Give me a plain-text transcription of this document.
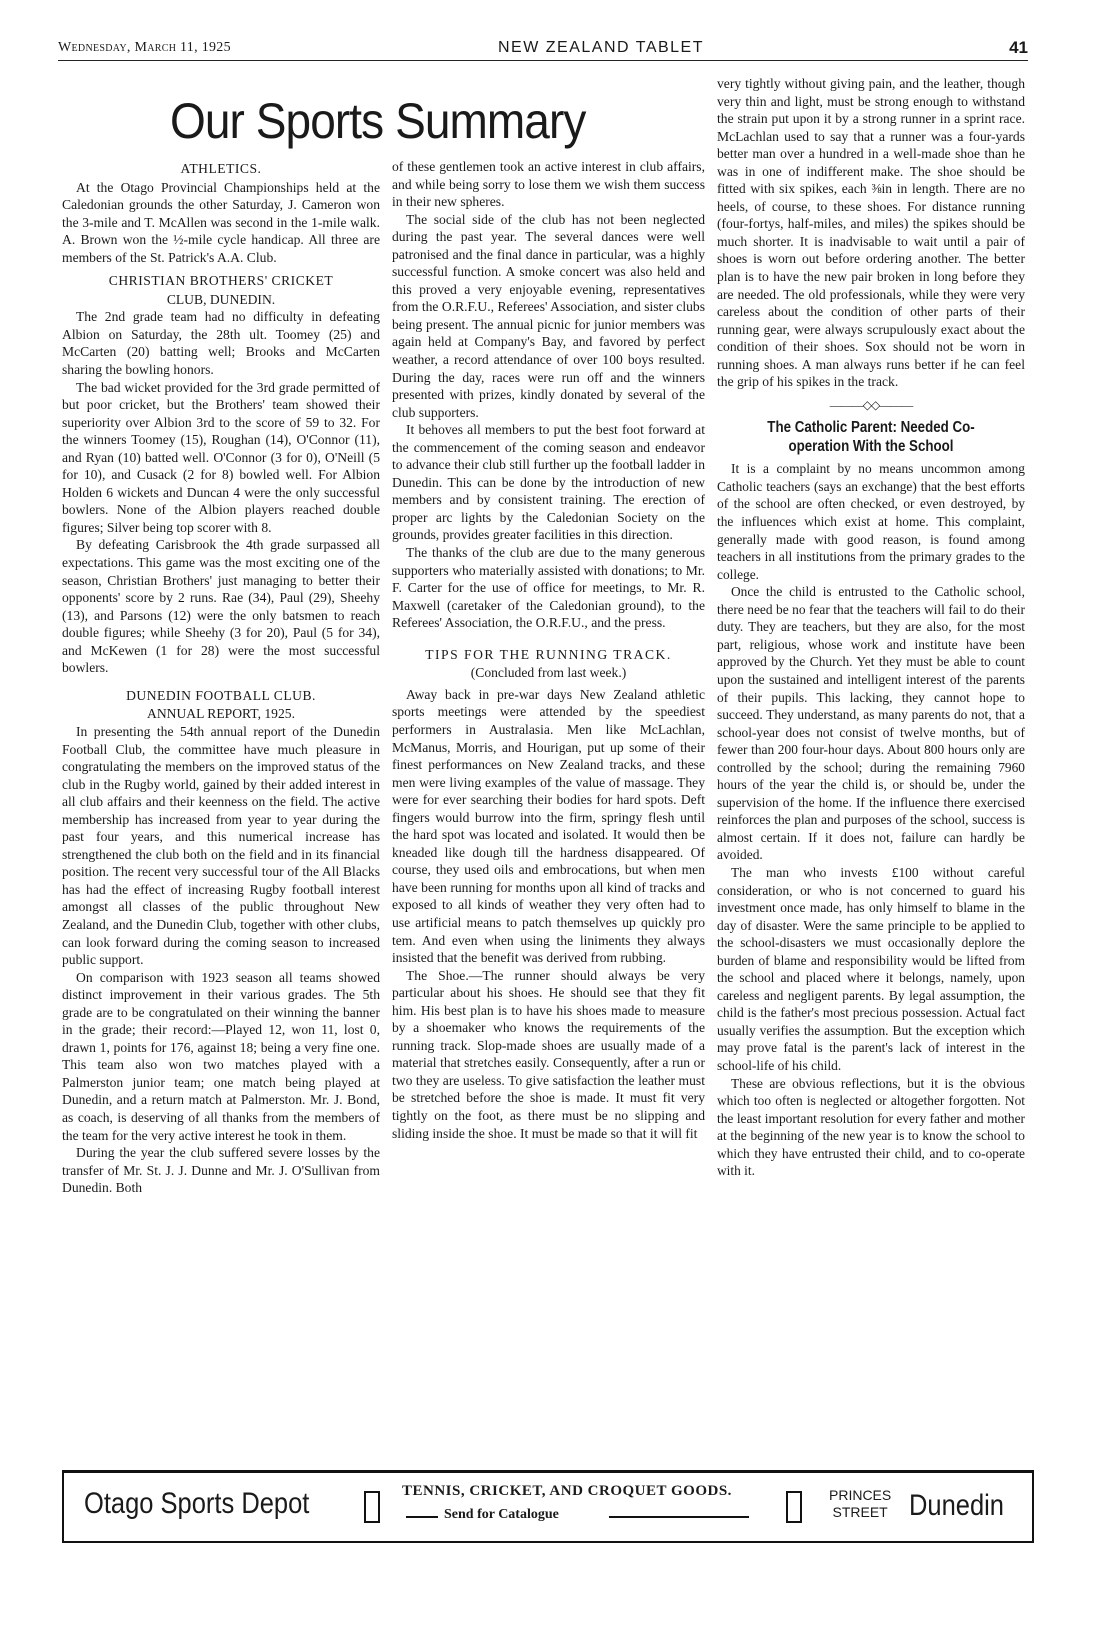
Wednesday, March 11, 1925	NEW ZEALAND TABLET	41
Our Sports Summary
ATHLETICS.

At the Otago Provincial Championships held at the Caledonian grounds the other Saturday, J. Cameron won the 3-mile and T. McAllen was second in the 1-mile walk. A. Brown won the ½-mile cycle handicap. All three are members of the St. Patrick's A.A. Club.

CHRISTIAN BROTHERS' CRICKET
CLUB, DUNEDIN.

The 2nd grade team had no difficulty in defeating Albion on Saturday, the 28th ult. Toomey (25) and McCarten (20) batting well; Brooks and McCarten sharing the bowling honors.

The bad wicket provided for the 3rd grade permitted of but poor cricket, but the Brothers' team showed their superiority over Albion 3rd to the score of 59 to 32. For the winners Toomey (15), Roughan (14), O'Connor (11), and Ryan (10) batted well. O'Connor (3 for 0), O'Neill (5 for 10), and Cusack (2 for 8) bowled well. For Albion Holden 6 wickets and Duncan 4 were the only successful bowlers. None of the Albion players reached double figures; Silver being top scorer with 8.

By defeating Carisbrook the 4th grade surpassed all expectations. This game was the most exciting one of the season, Christian Brothers' just managing to better their opponents' score by 2 runs. Rae (34), Paul (29), Sheehy (13), and Parsons (12) were the only batsmen to reach double figures; while Sheehy (3 for 20), Paul (5 for 34), and McKewen (1 for 28) were the most successful bowlers.

DUNEDIN FOOTBALL CLUB.
ANNUAL REPORT, 1925.

In presenting the 54th annual report of the Dunedin Football Club, the committee have much pleasure in congratulating the members on the improved status of the club in the Rugby world, gained by their added interest in all club affairs and their keenness on the field. The active membership has increased from year to year during the past four years, and this numerical increase has strengthened the club both on the field and in its financial position. The recent very successful tour of the All Blacks has had the effect of increasing Rugby football interest amongst all classes of the public throughout New Zealand, and the Dunedin Club, together with other clubs, can look forward during the coming season to increased public support.

On comparison with 1923 season all teams showed distinct improvement in their various grades. The 5th grade are to be congratulated on their winning the banner in the grade; their record:—Played 12, won 11, lost 0, drawn 1, points for 176, against 18; being a very fine one. This team also won two matches played with a Palmerston junior team; one match being played at Dunedin, and a return match at Palmerston. Mr. J. Bond, as coach, is deserving of all thanks from the members of the team for the very active interest he took in them.

During the year the club suffered severe losses by the transfer of Mr. St. J. J. Dunne and Mr. J. O'Sullivan from Dunedin. Both

of these gentlemen took an active interest in club affairs, and while being sorry to lose them we wish them success in their new spheres.

The social side of the club has not been neglected during the past year. The several dances were well patronised and the final dance in particular, was a highly successful function. A smoke concert was also held and this proved a very enjoyable evening, representatives from the O.R.F.U., Referees' Association, and sister clubs being present. The annual picnic for junior members was again held at Company's Bay, and favored by perfect weather, a record attendance of over 100 boys resulted. During the day, races were run off and the winners presented with prizes, kindly donated by several of the club supporters.

It behoves all members to put the best foot forward at the commencement of the coming season and endeavor to advance their club still further up the football ladder in Dunedin. This can be done by the introduction of new members and by consistent training. The erection of proper arc lights by the Caledonian Society on the grounds, provides greater facilities in this direction.

The thanks of the club are due to the many generous supporters who materially assisted with donations; to Mr. F. Carter for the use of office for meetings, to Mr. R. Maxwell (caretaker of the Caledonian ground), to the Referees' Association, the O.R.F.U., and the press.

TIPS FOR THE RUNNING TRACK.
(Concluded from last week.)

Away back in pre-war days New Zealand athletic sports meetings were attended by the speediest performers in Australasia. Men like McLachlan, McManus, Morris, and Hourigan, put up some of their finest performances on New Zealand tracks, and these men were living examples of the value of massage. They were for ever searching their bodies for hard spots. Deft fingers would burrow into the firm, springy flesh until the hard spot was located and isolated. It would then be kneaded like dough till the hardness disappeared. Of course, they used oils and embrocations, but when men have been running for months upon all kind of tracks and exposed to all kinds of weather they very often had to use artificial means to patch themselves up quickly pro tem. And even when using the liniments they always insisted that the benefit was derived from rubbing.

The Shoe.—The runner should always be very particular about his shoes. He should see that they fit him. His best plan is to have his shoes made to measure by a shoemaker who knows the requirements of the running track. Slop-made shoes are usually made of a material that stretches easily. Consequently, after a run or two they are useless. To give satisfaction the leather must be stretched before the shoe is made. It must fit very tightly on the foot, as there must be no slipping and sliding inside the shoe. It must be made so that it will fit

very tightly without giving pain, and the leather, though very thin and light, must be strong enough to withstand the strain put upon it by a strong runner in a sprint race. McLachlan used to say that a runner was a four-yards better man over a hundred in a well-made shoe than he was in one of indifferent make. The shoe should be fitted with six spikes, each ⅜in in length. There are no heels, of course, to these shoes. For distance running (four-fortys, half-miles, and miles) the spikes should be much shorter. It is inadvisable to wait until a pair of shoes is worn out before ordering another. The better plan is to have the new pair broken in long before they are needed. The old professionals, while they were very careless about the condition of other parts of their running gear, were always scrupulously exact about the condition of their shoes. Sox should not be worn in running shoes. A man always runs better if he can feel the grip of his spikes in the track.

———◇◇———
The Catholic Parent: Needed Co-operation With the School

It is a complaint by no means uncommon among Catholic teachers (says an exchange) that the best efforts of the school are often checked, or even destroyed, by the influences which exist at home. This complaint, generally made with good reason, is found among teachers in all institutions from the primary grades to the college.

Once the child is entrusted to the Catholic school, there need be no fear that the teachers will fail to do their duty. They are teachers, but they are also, for the most part, religious, whose work and institute have been approved by the Church. Yet they must be able to count upon the sustained and intelligent interest of the parents of their pupils. This lacking, they cannot hope to succeed. They understand, as many parents do not, that a school-year does not consist of twelve months, but of fewer than 200 four-hour days. About 800 hours only are controlled by the school; during the remaining 7960 hours of the year the child is, or should be, under the supervision of the home. If the influence there exercised reinforces the plan and purposes of the school, success is almost certain. If it does not, failure can hardly be avoided.

The man who invests £100 without careful consideration, or who is not concerned to guard his investment once made, has only himself to blame in the day of disaster. Were the same principle to be applied to the school-disasters we must occasionally deplore the burden of blame and responsibility would be lifted from the school and placed where it belongs, namely, upon careless and negligent parents. By legal assumption, the child is the father's most precious possession. Actual fact usually verifies the assumption. But the exception which may prove fatal is the parent's lack of interest in the school-life of his child.

These are obvious reflections, but it is the obvious which too often is neglected or altogether forgotten. Not the least important resolution for every father and mother at the beginning of the new year is to know the school to which they have entrusted their child, and to co-operate with it.

Otago Sports Depot	TENNIS, CRICKET, AND CROQUET GOODS.
Send for Catalogue
PRINCES
STREET Dunedin
